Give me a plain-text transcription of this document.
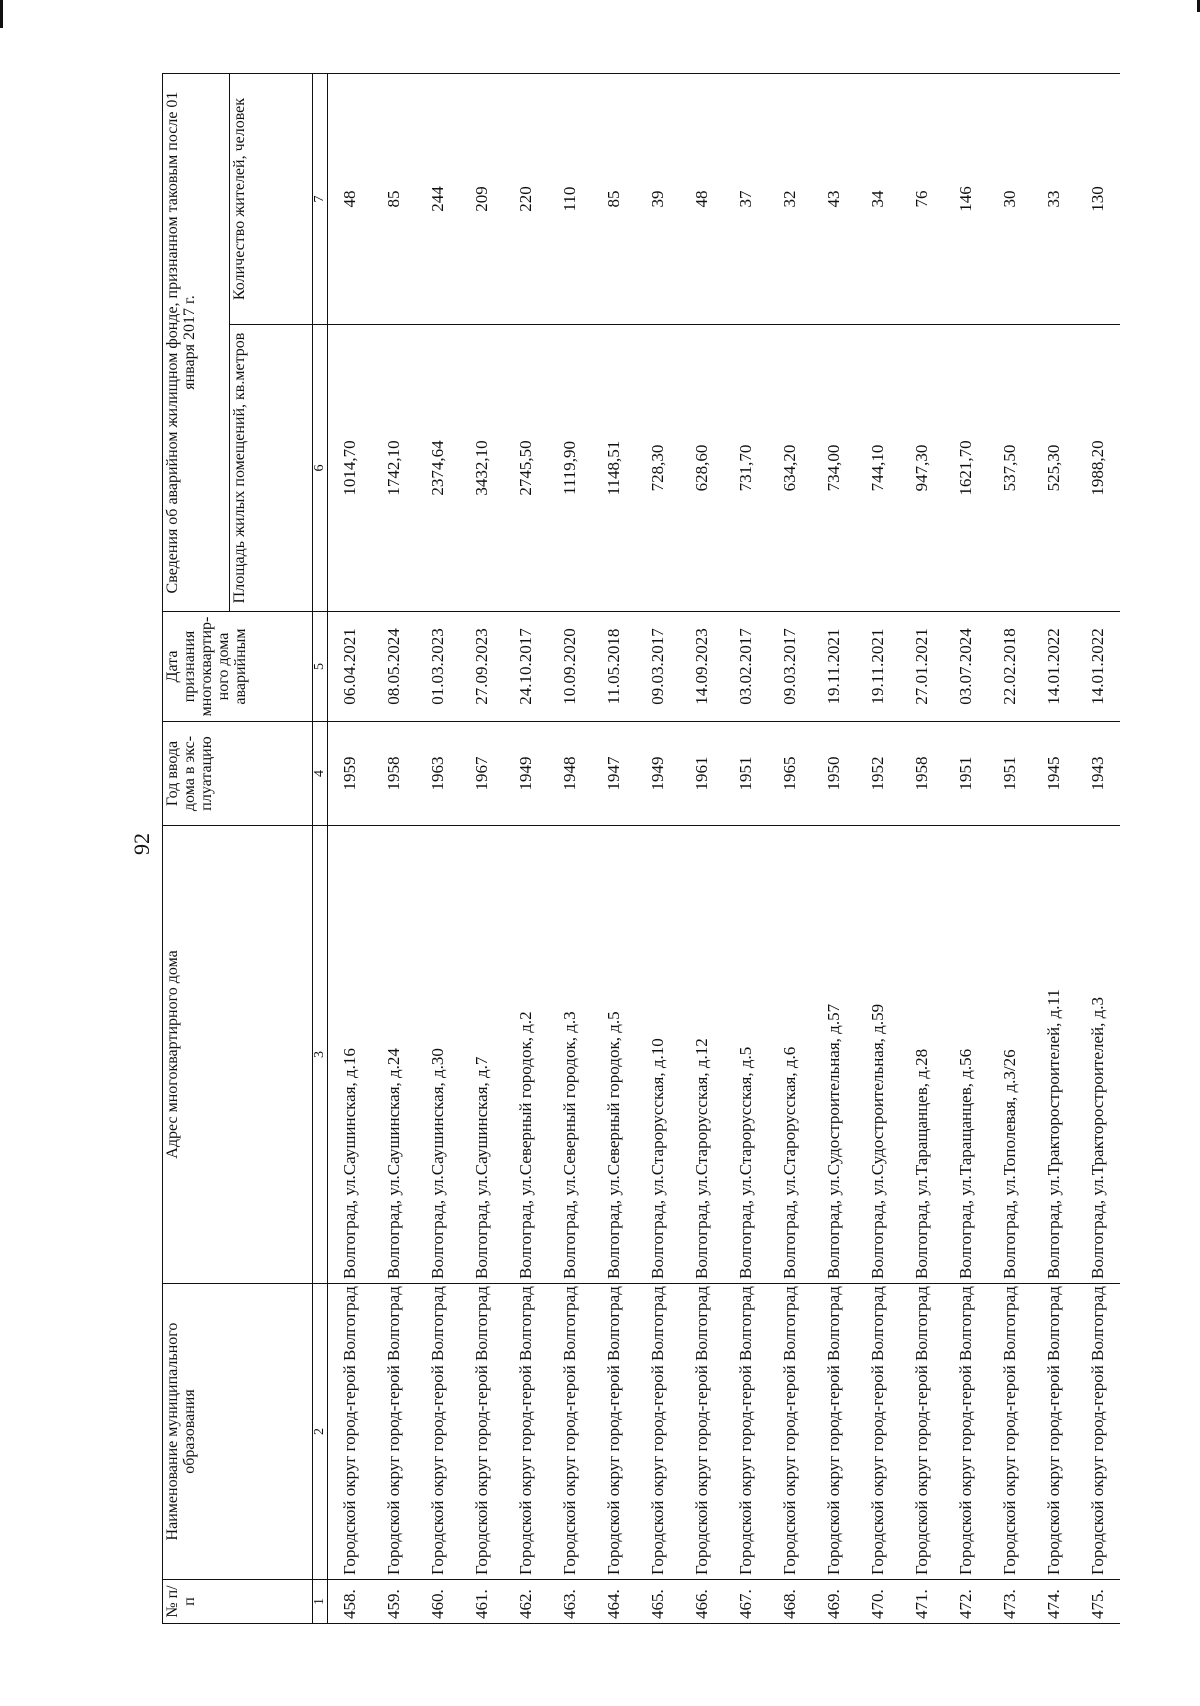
92
№ п/п	Наименование муниципального образования	Адрес многоквартирного дома	Год ввода дома в экс-плуатацию	Дата признания многоквартир-ного дома аварийным	Сведения об аварийном жилищном фонде, признанном таковым после 01 января 2017 г.	
					Площадь жилых помещений, кв.метров	Количество жителей, человек
1	2	3	4	5	6	7
458.	Городской округ город-герой Волгоград	Волгоград, ул.Саушинская, д.16	1959	06.04.2021	1014,70	48
459.	Городской округ город-герой Волгоград	Волгоград, ул.Саушинская, д.24	1958	08.05.2024	1742,10	85
460.	Городской округ город-герой Волгоград	Волгоград, ул.Саушинская, д.30	1963	01.03.2023	2374,64	244
461.	Городской округ город-герой Волгоград	Волгоград, ул.Саушинская, д.7	1967	27.09.2023	3432,10	209
462.	Городской округ город-герой Волгоград	Волгоград, ул.Северный городок, д.2	1949	24.10.2017	2745,50	220
463.	Городской округ город-герой Волгоград	Волгоград, ул.Северный городок, д.3	1948	10.09.2020	1119,90	110
464.	Городской округ город-герой Волгоград	Волгоград, ул.Северный городок, д.5	1947	11.05.2018	1148,51	85
465.	Городской округ город-герой Волгоград	Волгоград, ул.Старорусская, д.10	1949	09.03.2017	728,30	39
466.	Городской округ город-герой Волгоград	Волгоград, ул.Старорусская, д.12	1961	14.09.2023	628,60	48
467.	Городской округ город-герой Волгоград	Волгоград, ул.Старорусская, д.5	1951	03.02.2017	731,70	37
468.	Городской округ город-герой Волгоград	Волгоград, ул.Старорусская, д.6	1965	09.03.2017	634,20	32
469.	Городской округ город-герой Волгоград	Волгоград, ул.Судостроительная, д.57	1950	19.11.2021	734,00	43
470.	Городской округ город-герой Волгоград	Волгоград, ул.Судостроительная, д.59	1952	19.11.2021	744,10	34
471.	Городской округ город-герой Волгоград	Волгоград, ул.Таращанцев, д.28	1958	27.01.2021	947,30	76
472.	Городской округ город-герой Волгоград	Волгоград, ул.Таращанцев, д.56	1951	03.07.2024	1621,70	146
473.	Городской округ город-герой Волгоград	Волгоград, ул.Тополевая, д.3/26	1951	22.02.2018	537,50	30
474.	Городской округ город-герой Волгоград	Волгоград, ул.Тракторостроителей, д.11	1945	14.01.2022	525,30	33
475.	Городской округ город-герой Волгоград	Волгоград, ул.Тракторостроителей, д.3	1943	14.01.2022	1988,20	130
